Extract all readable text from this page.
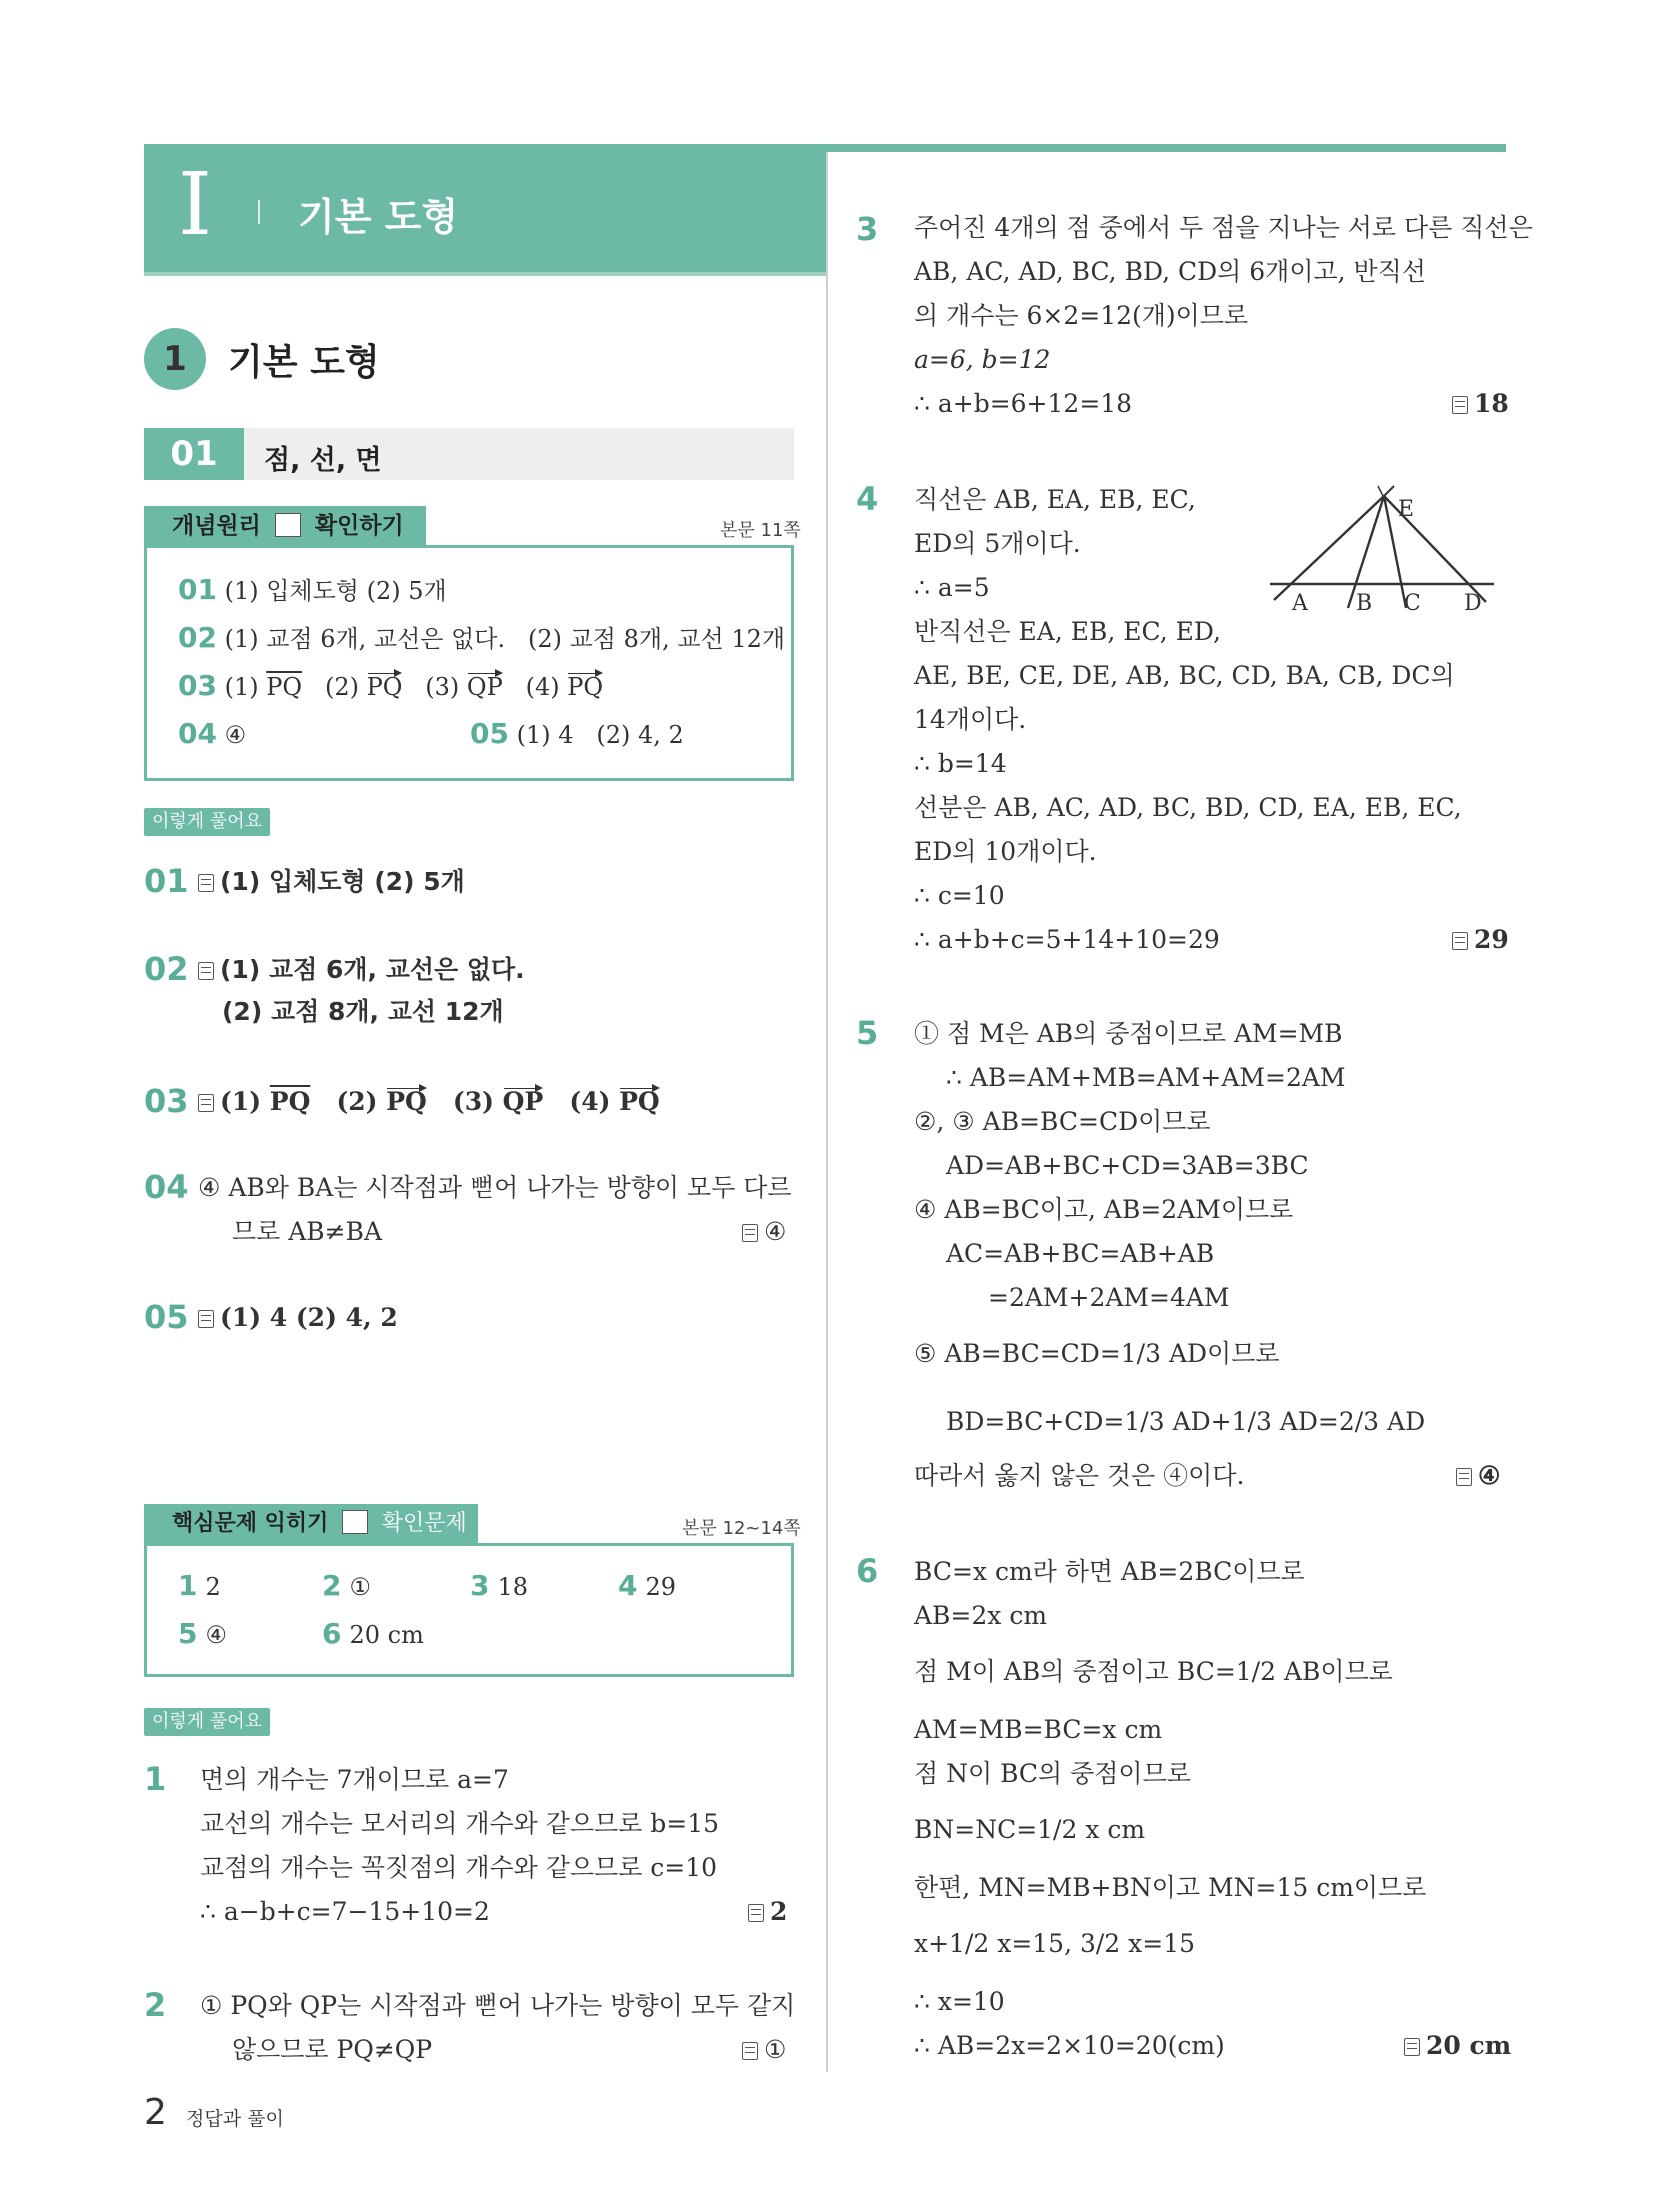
I 기본 도형
1	기본 도형
01	점, 선, 면
개념원리 확인하기	본문 11쪽
01 (1) 입체도형 (2) 5개
02 (1) 교점 6개, 교선은 없다.   (2) 교점 8개, 교선 12개
03 (1) $\overline{PQ}$   (2) PQ   (3) QP   (4) PQ
04 ④	05 (1) 4   (2) 4, 2
이렇게 풀어요
01	(1) 입체도형 (2) 5개
02	(1) 교점 6개, 교선은 없다.
(2) 교점 8개, 교선 12개
03	(1) $\overline{PQ}$   (2) PQ   (3) QP   (4) PQ
04 ④ AB와 BA는 시작점과 뻗어 나가는 방향이 모두 다르
므로 AB≠BA	④
05	(1) 4 (2) 4, 2
핵심문제 익히기 확인문제	본문 12~14쪽
1 2	2 ①	3 18	4 29
5 ④	6 20 cm
이렇게 풀어요
1 면의 개수는 7개이므로 a=7
교선의 개수는 모서리의 개수와 같으므로 b=15
교점의 개수는 꼭짓점의 개수와 같으므로 c=10
∴ a−b+c=7−15+10=2	2
2 ① PQ와 QP는 시작점과 뻗어 나가는 방향이 모두 같지
않으므로 PQ≠QP	①
2 정답과 풀이
3 주어진 4개의 점 중에서 두 점을 지나는 서로 다른 직선은
AB, AC, AD, BC, BD, CD의 6개이고, 반직선
의 개수는 6×2=12(개)이므로
a=6, b=12
∴ a+b=6+12=18	18
4 직선은 AB, EA, EB, EC,
ED의 5개이다.
∴ a=5
반직선은 EA, EB, EC, ED,
AE, BE, CE, DE, AB, BC, CD, BA, CB, DC의
14개이다.
∴ b=14
선분은 AB, AC, AD, BC, BD, CD, EA, EB, EC,
ED의 10개이다.
∴ c=10
∴ a+b+c=5+14+10=29	29
A B C D
E
5 ① 점 M은 AB의 중점이므로 AM=MB
∴ AB=AM+MB=AM+AM=2AM
②, ③ AB=BC=CD이므로
AD=AB+BC+CD=3AB=3BC
④ AB=BC이고, AB=2AM이므로
AC=AB+BC=AB+AB
=2AM+2AM=4AM
⑤ AB=BC=CD=1/3 AD이므로
BD=BC+CD=1/3 AD+1/3 AD=2/3 AD
따라서 옳지 않은 것은 ④이다.	④
6 BC=x cm라 하면 AB=2BC이므로
AB=2x cm
점 M이 AB의 중점이고 BC=1/2 AB이므로
AM=MB=BC=x cm
점 N이 BC의 중점이므로
BN=NC=1/2 x cm
한편, MN=MB+BN이고 MN=15 cm이므로
x+1/2 x=15, 3/2 x=15
∴ x=10
∴ AB=2x=2×10=20(cm)	20 cm
